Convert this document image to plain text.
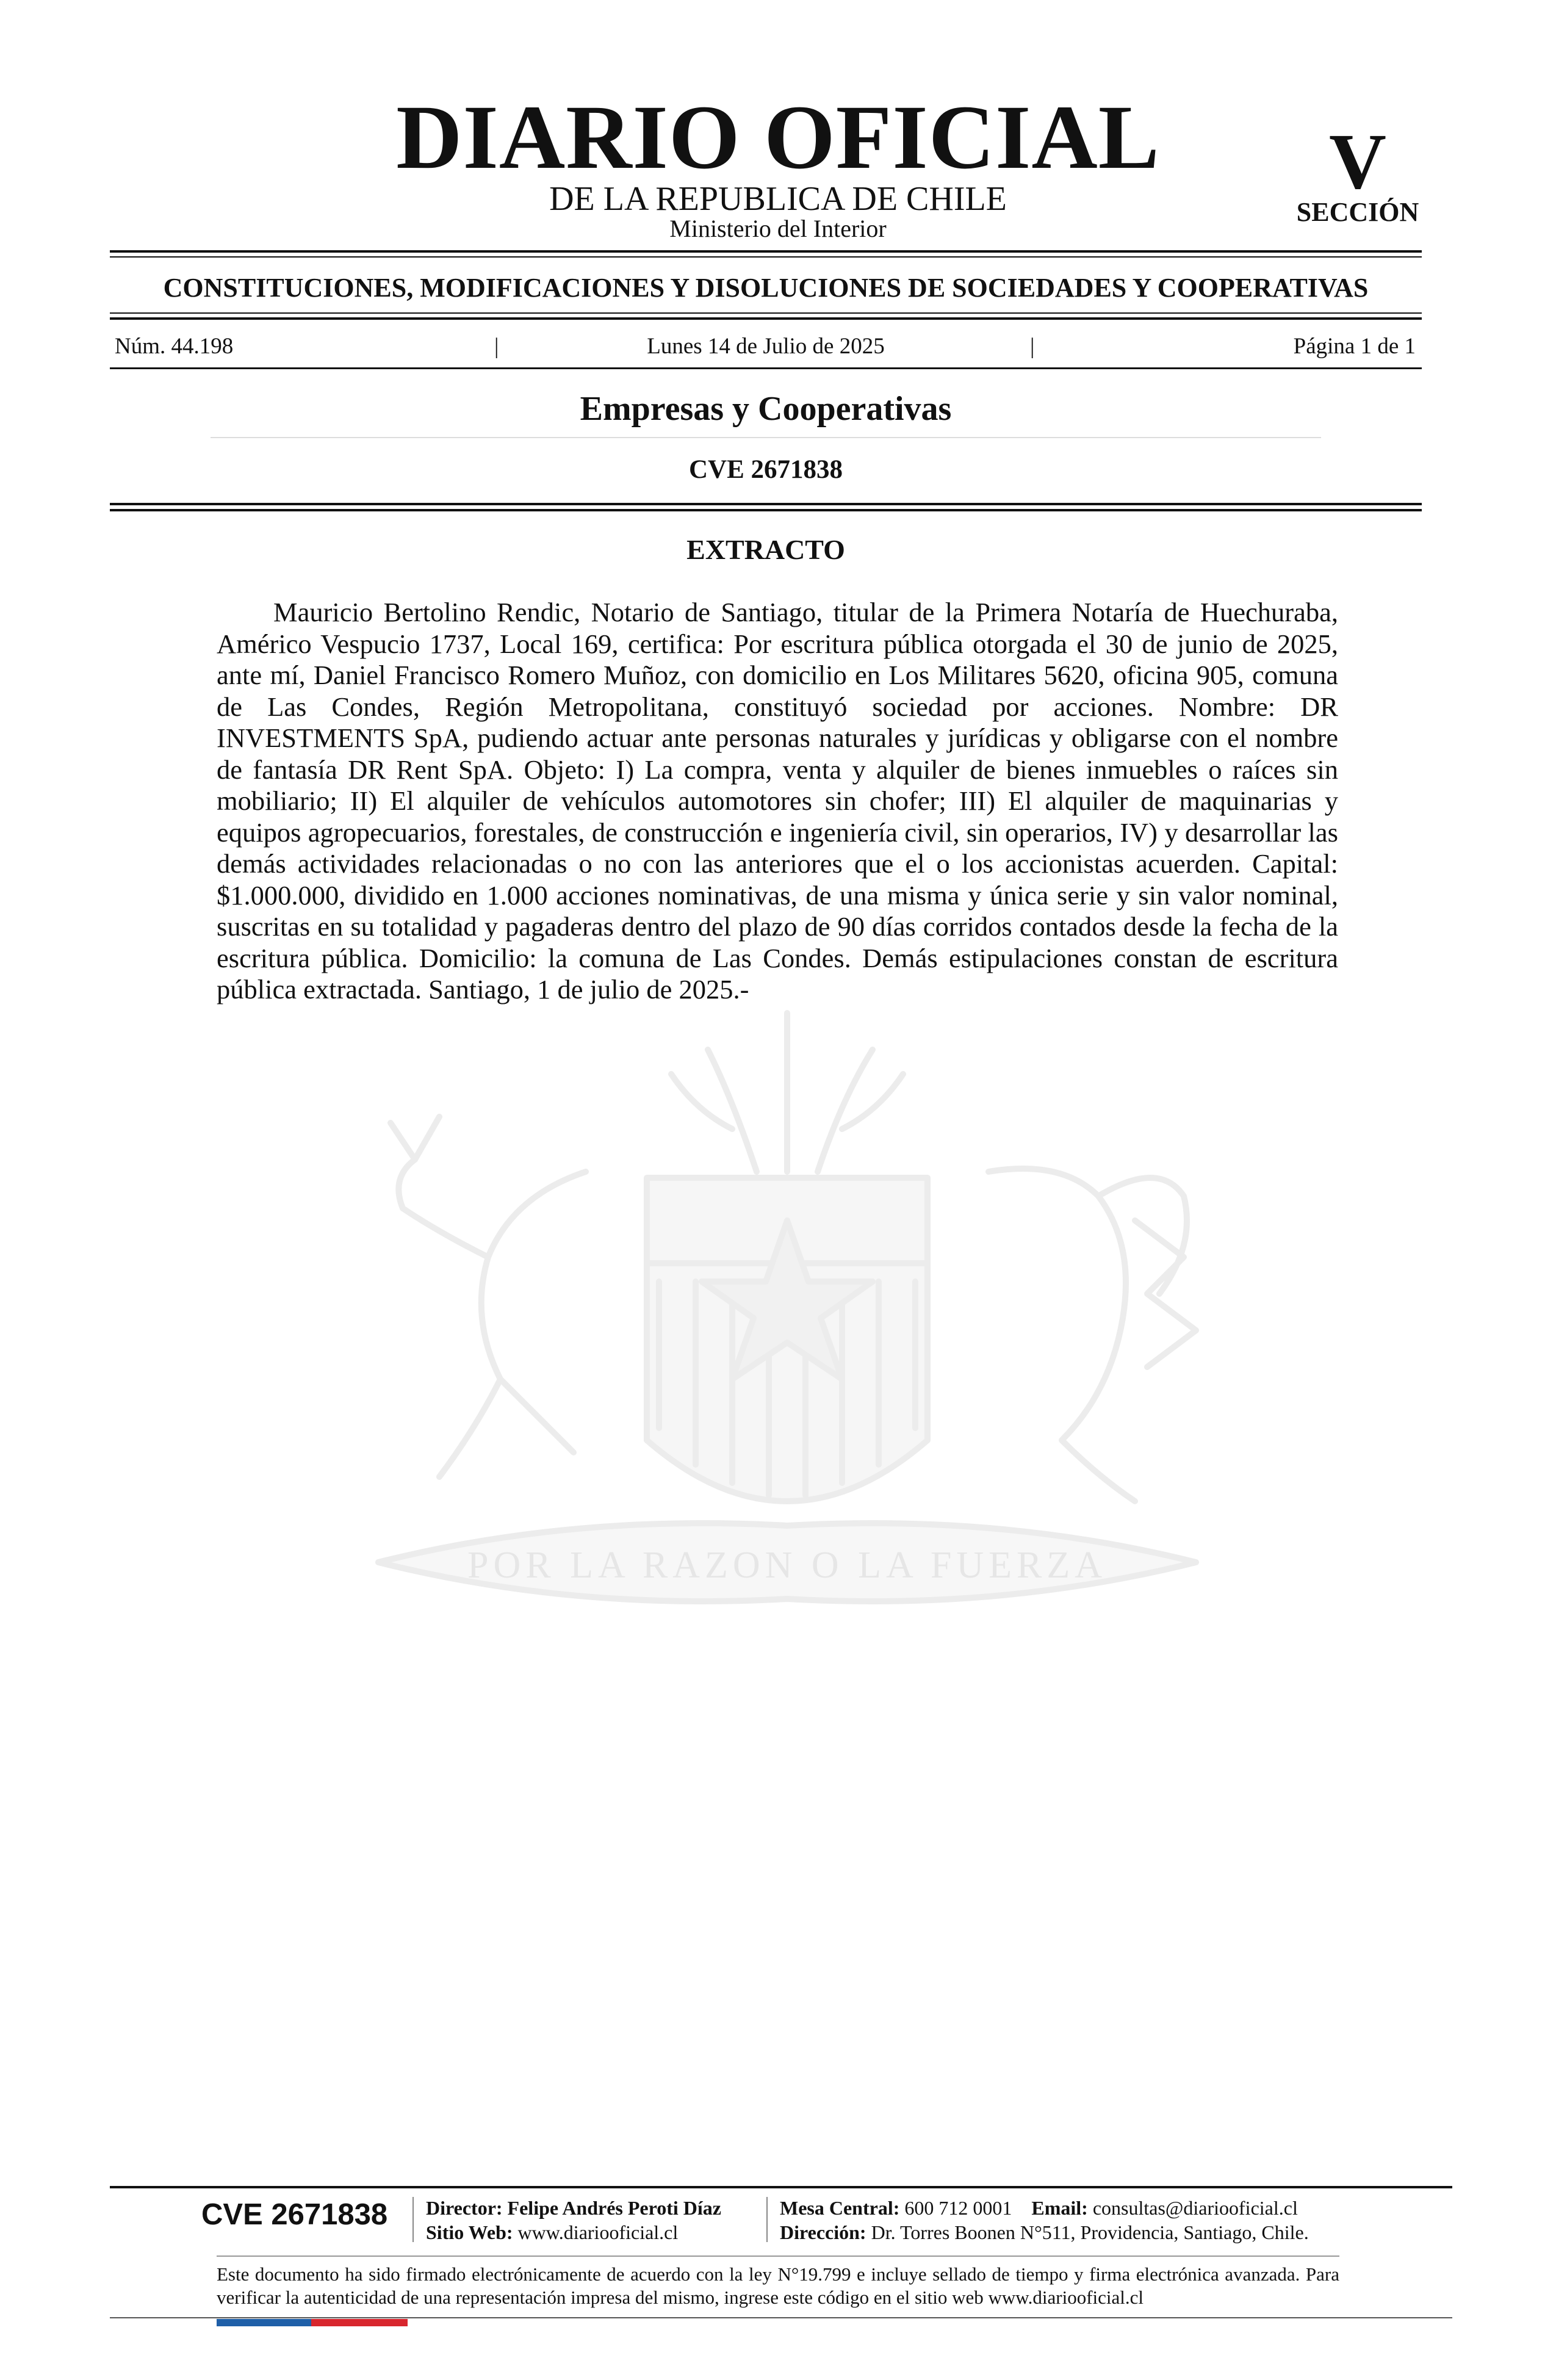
DIARIO OFICIAL
DE LA REPUBLICA DE CHILE
Ministerio del Interior
V
SECCIÓN
CONSTITUCIONES, MODIFICACIONES Y DISOLUCIONES DE SOCIEDADES Y COOPERATIVAS
Núm. 44.198	|	Lunes 14 de Julio de 2025	|	Página 1 de 1
Empresas y Cooperativas
CVE 2671838
EXTRACTO
POR LA RAZON O LA FUERZA

Mauricio Bertolino Rendic, Notario de Santiago, titular de la Primera Notaría de Huechuraba, Américo Vespucio 1737, Local 169, certifica: Por escritura pública otorgada el 30 de junio de 2025, ante mí, Daniel Francisco Romero Muñoz, con domicilio en Los Militares 5620, oficina 905, comuna de Las Condes, Región Metropolitana, constituyó sociedad por acciones. Nombre: DR INVESTMENTS SpA, pudiendo actuar ante personas naturales y jurídicas y obligarse con el nombre de fantasía DR Rent SpA. Objeto: I) La compra, venta y alquiler de bienes inmuebles o raíces sin mobiliario; II) El alquiler de vehículos automotores sin chofer; III) El alquiler de maquinarias y equipos agropecuarios, forestales, de construcción e ingeniería civil, sin operarios, IV) y desarrollar las demás actividades relacionadas o no con las anteriores que el o los accionistas acuerden. Capital: $1.000.000, dividido en 1.000 acciones nominativas, de una misma y única serie y sin valor nominal, suscritas en su totalidad y pagaderas dentro del plazo de 90 días corridos contados desde la fecha de la escritura pública. Domicilio: la comuna de Las Condes. Demás estipulaciones constan de escritura pública extractada. Santiago, 1 de julio de 2025.-

CVE 2671838	Director: Felipe Andrés Peroti Díaz
Sitio Web: www.diariooficial.cl
Mesa Central: 600 712 0001 Email: consultas@diariooficial.cl
Dirección: Dr. Torres Boonen N°511, Providencia, Santiago, Chile.

Este documento ha sido firmado electrónicamente de acuerdo con la ley N°19.799 e incluye sellado de tiempo y firma electrónica avanzada. Para verificar la autenticidad de una representación impresa del mismo, ingrese este código en el sitio web www.diariooficial.cl
